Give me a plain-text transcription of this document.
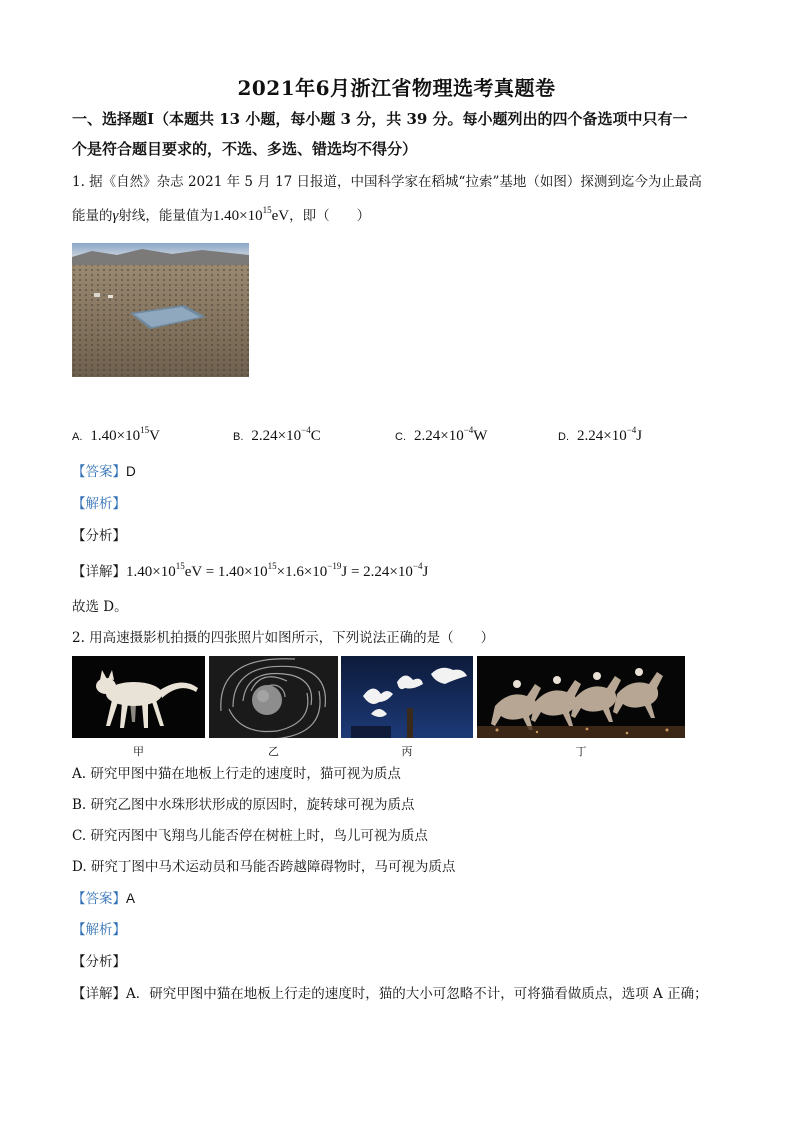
2021年6月浙江省物理选考真题卷
一、选择题Ⅰ（本题共 13 小题，每小题 3 分，共 39 分。每小题列出的四个备选项中只有一
个是符合题目要求的，不选、多选、错选均不得分）
1. 据《自然》杂志 2021 年 5 月 17 日报道，中国科学家在稻城“拉索”基地（如图）探测到迄今为止最高
能量的γ射线，能量值为$1.40\times 10^{15}eV$，即（　　）
A. $1.40\times 10^{15}V$	B. $2.24\times 10^{-4}C$	C. $2.24\times 10^{-4}W$	D. $2.24\times 10^{-4}J$
【答案】D
【解析】
【分析】
【详解】$1.40\times 10^{15}eV = 1.40\times 10^{15}\times 1.6\times 10^{-19}J = 2.24\times 10^{-4}J$
故选 D。
2. 用高速摄影机拍摄的四张照片如图所示，下列说法正确的是（　　）
甲	乙	丙	丁
A. 研究甲图中猫在地板上行走的速度时，猫可视为质点
B. 研究乙图中水珠形状形成的原因时，旋转球可视为质点
C. 研究丙图中飞翔鸟儿能否停在树桩上时，鸟儿可视为质点
D. 研究丁图中马术运动员和马能否跨越障碍物时，马可视为质点
【答案】A
【解析】
【分析】
【详解】A．研究甲图中猫在地板上行走的速度时，猫的大小可忽略不计，可将猫看做质点，选项 A 正确；
